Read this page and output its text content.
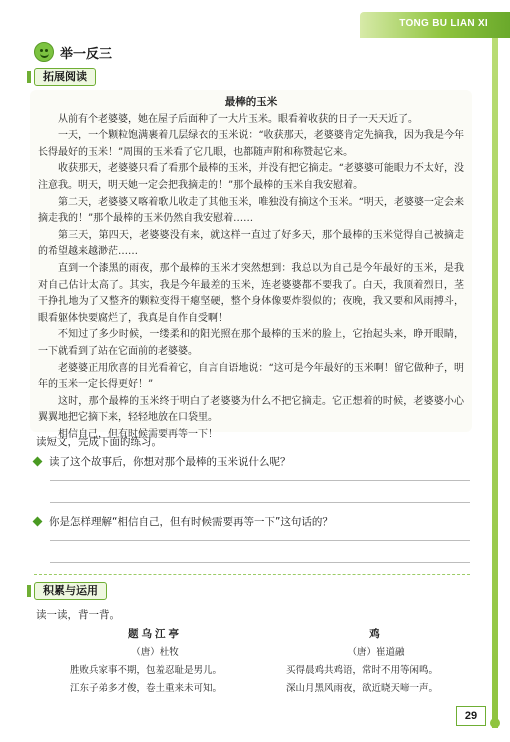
TONG BU LIAN XI
举一反三
拓展阅读
最棒的玉米

从前有个老婆婆，她在屋子后面种了一大片玉米。眼看着收获的日子一天天近了。

一天，一个颗粒饱满裹着几层绿衣的玉米说：“收获那天，老婆婆肯定先摘我，因为我是今年长得最好的玉米！”周围的玉米看了它几眼，也都随声附和称赞起它来。

收获那天，老婆婆只看了看那个最棒的玉米，并没有把它摘走。“老婆婆可能眼力不太好，没注意我。明天，明天她一定会把我摘走的！”那个最棒的玉米自我安慰着。

第二天，老婆婆又喀着歌儿收走了其他玉米，唯独没有摘这个玉米。“明天，老婆婆一定会来摘走我的！”那个最棒的玉米仍然自我安慰着……

第三天，第四天，老婆婆没有来，就这样一直过了好多天，那个最棒的玉米觉得自己被摘走的希望越来越渺茫……

直到一个漆黑的雨夜，那个最棒的玉米才突然想到：我总以为自己是今年最好的玉米，是我对自己估计太高了。其实，我是今年最差的玉米，连老婆婆都不要我了。白天，我顶着烈日，茎干挣扎地为了又整齐的颗粒变得干瘪坚硬，整个身体像要炸裂似的；夜晚，我又要和风雨搏斗，眼看躯体快要腐烂了，我真是自作自受啊！

不知过了多少时候，一缕柔和的阳光照在那个最棒的玉米的脸上，它抬起头来，睁开眼睛，一下就看到了站在它面前的老婆婆。

老婆婆正用欣喜的目光看着它，自言自语地说：“这可是今年最好的玉米啊！留它做种子，明年的玉米一定长得更好！”

这时，那个最棒的玉米终于明白了老婆婆为什么不把它摘走。它正想着的时候，老婆婆小心翼翼地把它摘下来，轻轻地放在口袋里。

相信自己，但有时候需要再等一下！

读短文，完成下面的练习。
读了这个故事后，你想对那个最棒的玉米说什么呢？
你是怎样理解“相信自己，但有时候需要再等一下”这句话的？
积累与运用
读一读，背一背。
题乌江亭
（唐）杜牧
胜败兵家事不期，包羞忍耻是男儿。
江东子弟多才俊，卷土重来未可知。
鸡
（唐）崔道融
买得晨鸡共鸡语，常时不用等闲鸣。
深山月黑风雨夜，欲近晓天啼一声。
29
